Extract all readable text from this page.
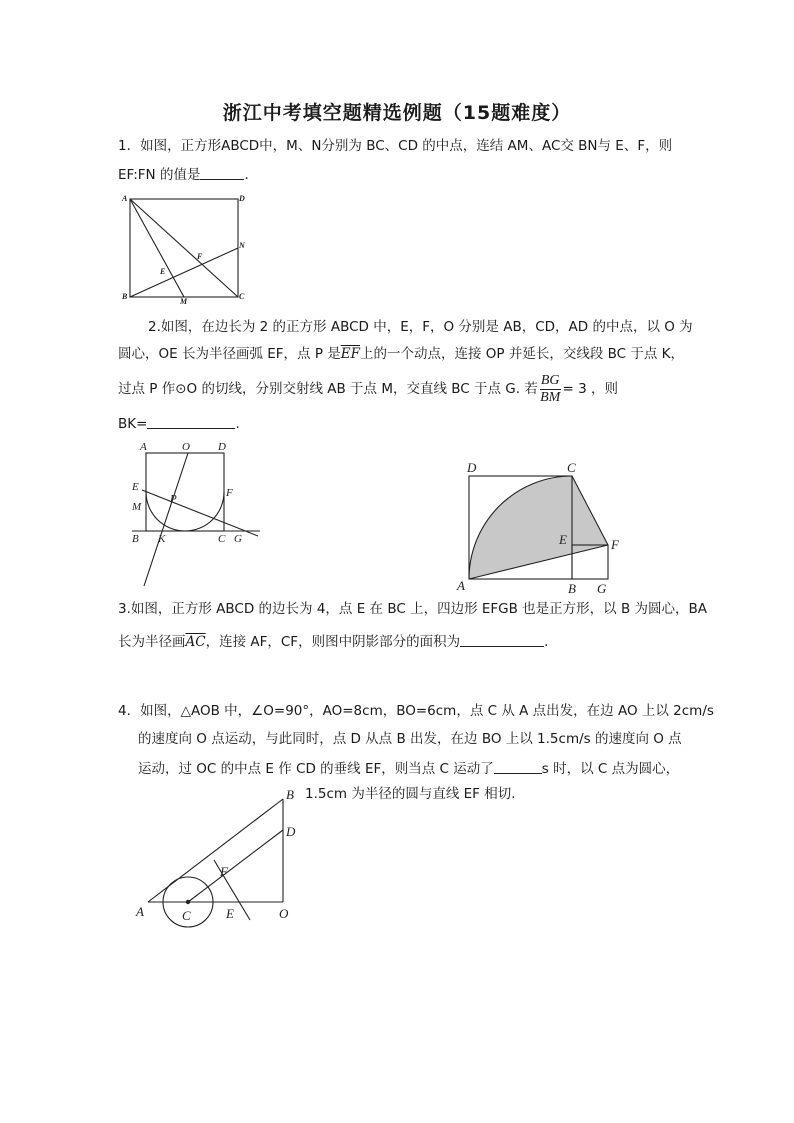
浙江中考填空题精选例题（15题难度）
1．如图，正方形ABCD中，M、N分别为 BC、CD 的中点，连结 AM、AC交 BN与 E、F，则
EF:FN 的值是	．
A	D
B	C
M
N
E
F
2.如图，在边长为 2 的正方形 ABCD 中，E，F，O 分别是 AB，CD，AD 的中点，以 O 为
圆心，OE 长为半径画弧 EF，点 P 是$\overline{EF}$上的一个动点，连接 OP 并延长，交线段 BC 于点 K，
过点 P 作⊙O 的切线，分别交射线 AB 于点 M，交直线 BC 于点 G. 若 $\frac{BG}{BM} = 3$ ，则
BK=	.
A	O	D
E	F
M
P
B K	C G
D	C
E	F
A	B G
3.如图，正方形 ABCD 的边长为 4，点 E 在 BC 上，四边形 EFGB 也是正方形，以 B 为圆心，BA
长为半径画$\overline{AC}$，连接 AF，CF，则图中阴影部分的面积为	.
4．如图，△AOB 中，∠O=90°，AO=8cm，BO=6cm，点 C 从 A 点出发，在边 AO 上以 2cm/s
的速度向 O 点运动，与此同时，点 D 从点 B 出发，在边 BO 上以 1.5cm/s 的速度向 O 点
运动，过 OC 的中点 E 作 CD 的垂线 EF，则当点 C 运动了	s 时，以 C 点为圆心，
1.5cm 为半径的圆与直线 EF 相切.
B
D
F
A	C	E	O
